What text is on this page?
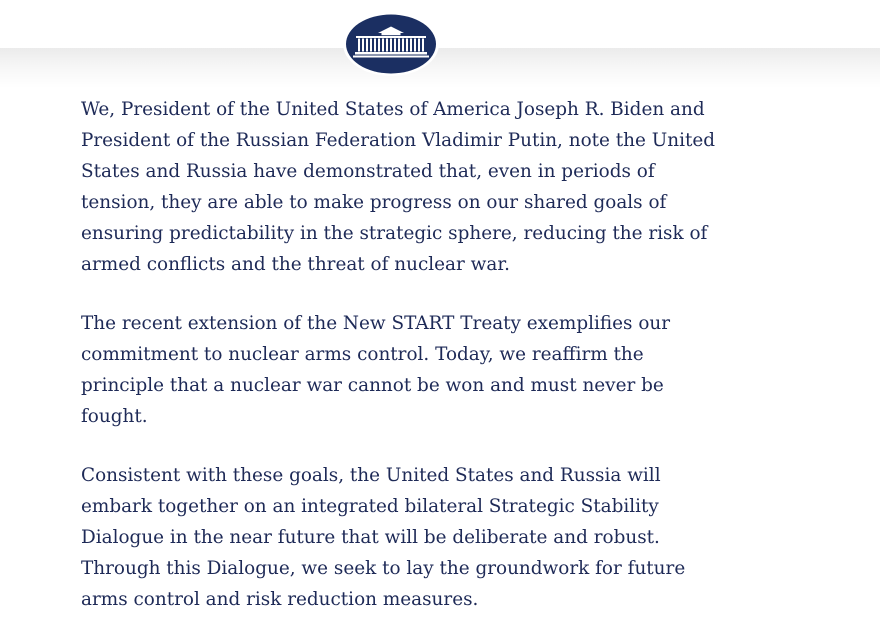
We, President of the United States of America Joseph R. Biden and President of the Russian Federation Vladimir Putin, note the United States and Russia have demonstrated that, even in periods of tension, they are able to make progress on our shared goals of ensuring predictability in the strategic sphere, reducing the risk of armed conflicts and the threat of nuclear war.

The recent extension of the New START Treaty exemplifies our commitment to nuclear arms control. Today, we reaffirm the principle that a nuclear war cannot be won and must never be fought.

Consistent with these goals, the United States and Russia will embark together on an integrated bilateral Strategic Stability Dialogue in the near future that will be deliberate and robust. Through this Dialogue, we seek to lay the groundwork for future arms control and risk reduction measures.
